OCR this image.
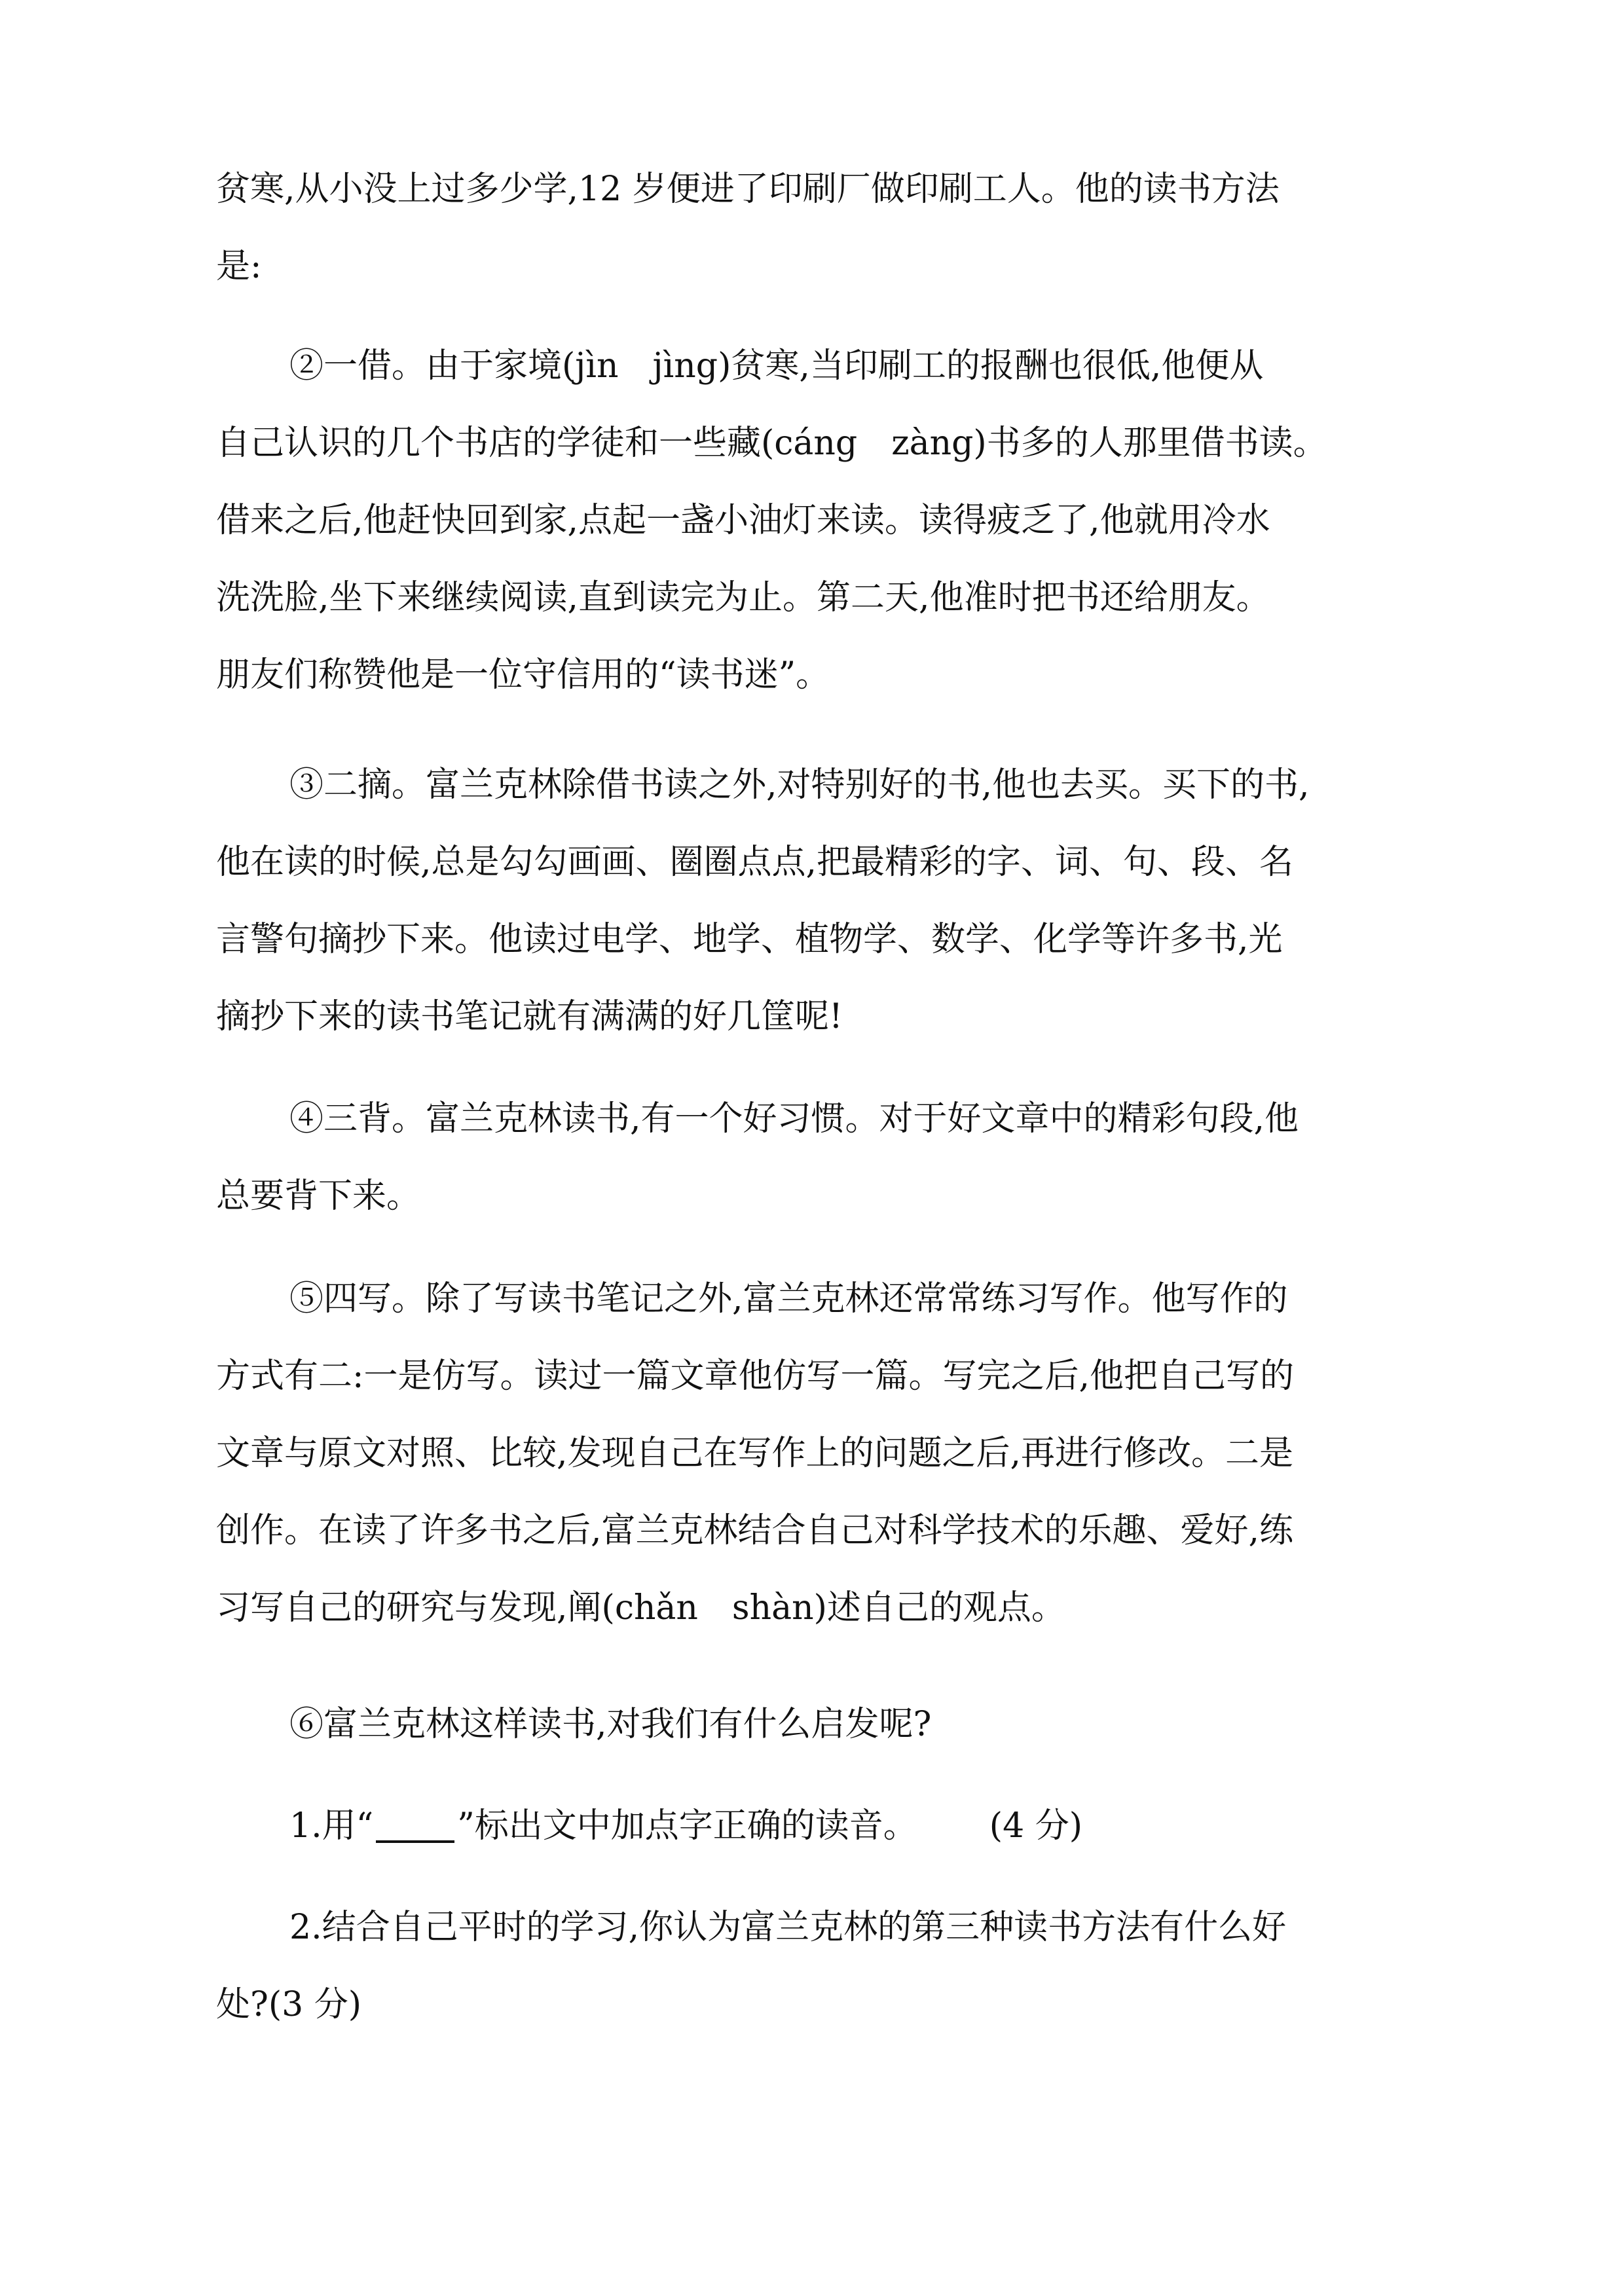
贫寒,从小没上过多少学,12 岁便进了印刷厂做印刷工人。他的读书方法
是:
②一借。由于家境(jìn　jìng)贫寒,当印刷工的报酬也很低,他便从
自己认识的几个书店的学徒和一些藏(cáng　zàng)书多的人那里借书读。
借来之后,他赶快回到家,点起一盏小油灯来读。读得疲乏了,他就用冷水
洗洗脸,坐下来继续阅读,直到读完为止。第二天,他准时把书还给朋友。
朋友们称赞他是一位守信用的“读书迷”。
③二摘。富兰克林除借书读之外,对特别好的书,他也去买。买下的书,
他在读的时候,总是勾勾画画、圈圈点点,把最精彩的字、词、句、段、名
言警句摘抄下来。他读过电学、地学、植物学、数学、化学等许多书,光
摘抄下来的读书笔记就有满满的好几筐呢!
④三背。富兰克林读书,有一个好习惯。对于好文章中的精彩句段,他
总要背下来。
⑤四写。除了写读书笔记之外,富兰克林还常常练习写作。他写作的
方式有二:一是仿写。读过一篇文章他仿写一篇。写完之后,他把自己写的
文章与原文对照、比较,发现自己在写作上的问题之后,再进行修改。二是
创作。在读了许多书之后,富兰克林结合自己对科学技术的乐趣、爱好,练
习写自己的研究与发现,阐(chǎn　shàn)述自己的观点。
⑥富兰克林这样读书,对我们有什么启发呢?
1.用“ ”标出文中加点字正确的读音。 (4 分)
2.结合自己平时的学习,你认为富兰克林的第三种读书方法有什么好
处?(3 分)
